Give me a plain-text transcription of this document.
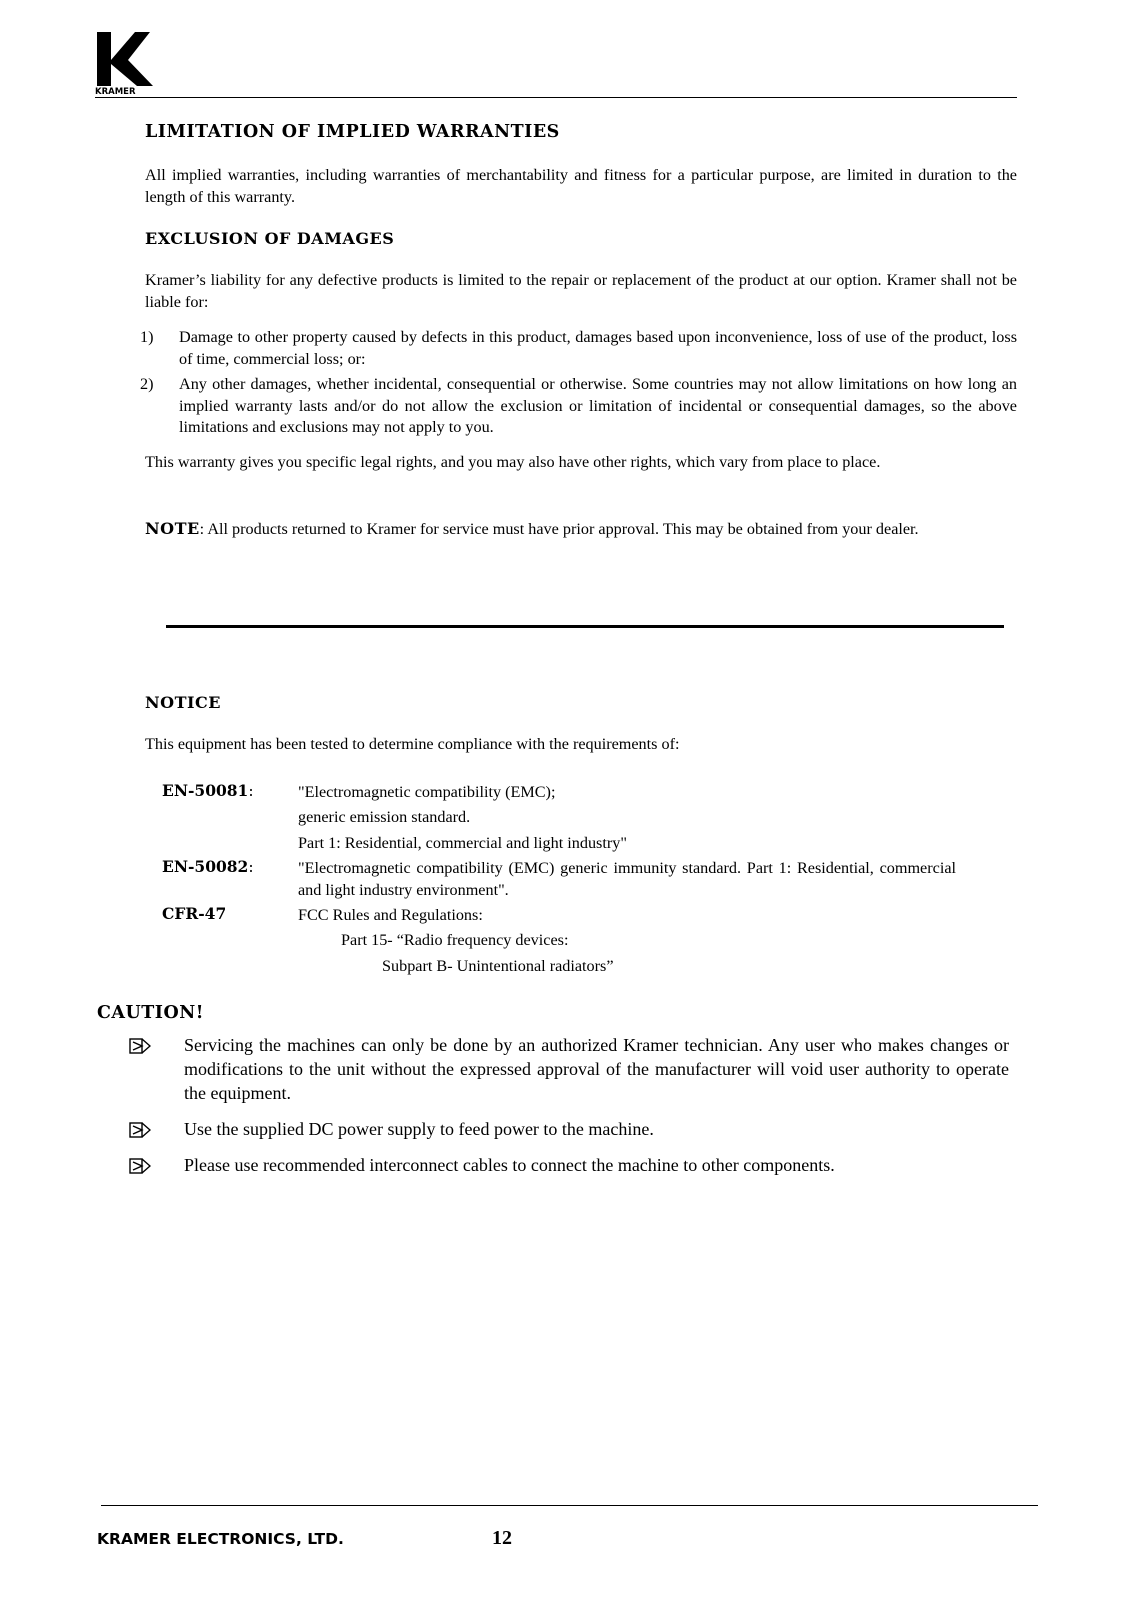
KRAMER
LIMITATION OF IMPLIED WARRANTIES
All implied warranties, including warranties of merchantability and fitness for a particular purpose, are limited in duration to the length of this warranty.
EXCLUSION OF DAMAGES
Kramer’s liability for any defective products is limited to the repair or replacement of the product at our option. Kramer shall not be liable for:
1) Damage to other property caused by defects in this product, damages based upon inconvenience, loss of use of the product, loss of time, commercial loss; or:
2) Any other damages, whether incidental, consequential or otherwise. Some countries may not allow limitations on how long an implied warranty lasts and/or do not allow the exclusion or limitation of incidental or consequential damages, so the above limitations and exclusions may not apply to you.
This warranty gives you specific legal rights, and you may also have other rights, which vary from place to place.
NOTE: All products returned to Kramer for service must have prior approval. This may be obtained from your dealer.
NOTICE
This equipment has been tested to determine compliance with the requirements of:
EN-50081:	"Electromagnetic compatibility (EMC);
generic emission standard.
Part 1: Residential, commercial and light industry"
EN-50082:	"Electromagnetic compatibility (EMC) generic immunity standard. Part 1: Residential, commercial and light industry environment".
CFR-47	FCC Rules and Regulations:
Part 15- “Radio frequency devices:
Subpart B- Unintentional radiators”
CAUTION!
Servicing the machines can only be done by an authorized Kramer technician. Any user who makes changes or modifications to the unit without the expressed approval of the manufacturer will void user authority to operate the equipment.
Use the supplied DC power supply to feed power to the machine.
Please use recommended interconnect cables to connect the machine to other components.
KRAMER ELECTRONICS, LTD.	12
